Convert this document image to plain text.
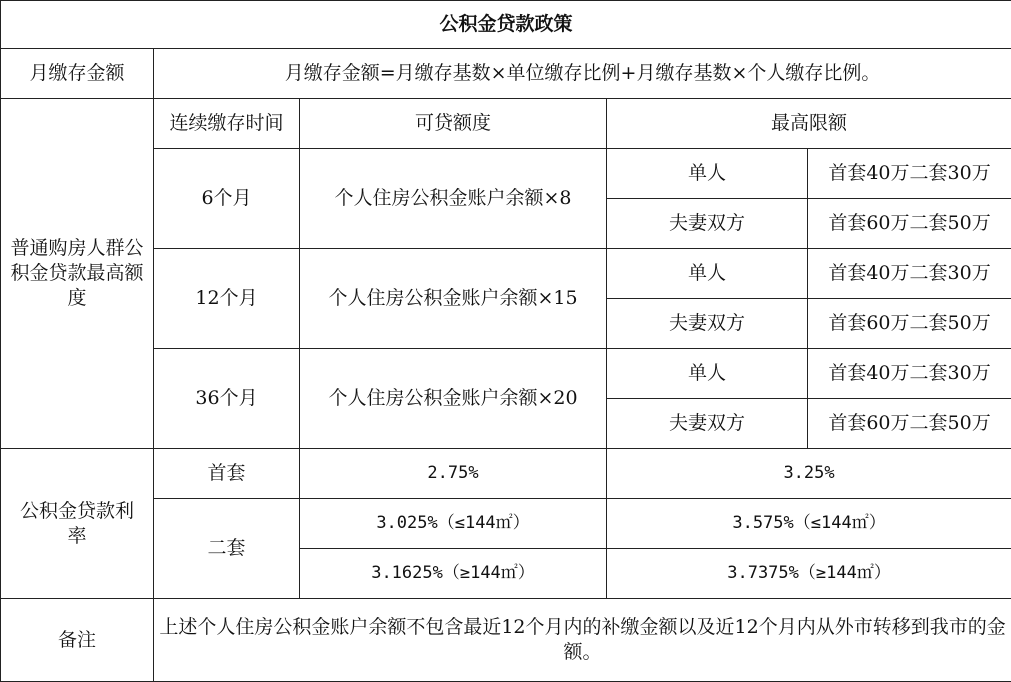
公积金贷款政策				
月缴存金额	月缴存金额=月缴存基数×单位缴存比例+月缴存基数×个人缴存比例。			
普通购房人群公积金贷款最高额度	连续缴存时间	可贷额度	最高限额	
	6个月	个人住房公积金账户余额×8	单人	首套40万二套30万
			夫妻双方	首套60万二套50万
	12个月	个人住房公积金账户余额×15	单人	首套40万二套30万
			夫妻双方	首套60万二套50万
	36个月	个人住房公积金账户余额×20	单人	首套40万二套30万
			夫妻双方	首套60万二套50万
公积金贷款利率	首套	2.75%	3.25%	
	二套	3.025%（≤144㎡）	3.575%（≤144㎡）	
		3.1625%（≥144㎡）	3.7375%（≥144㎡）	
备注	上述个人住房公积金账户余额不包含最近12个月内的补缴金额以及近12个月内从外市转移到我市的金额。			
